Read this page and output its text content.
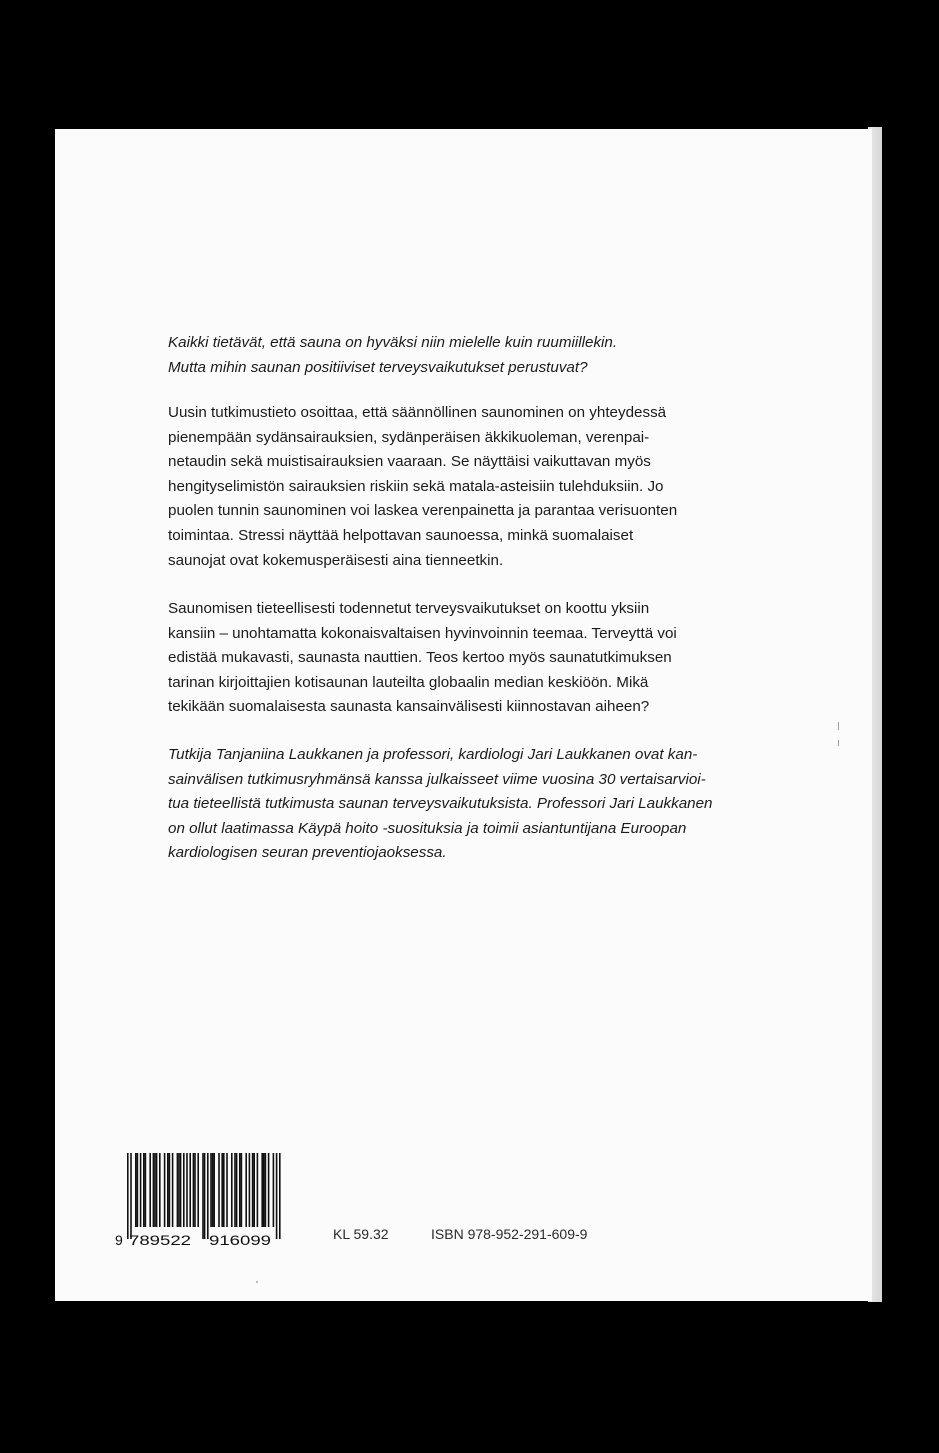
Kaikki tietävät, että sauna on hyväksi niin mielelle kuin ruumiillekin.
Mutta mihin saunan positiiviset terveysvaikutukset perustuvat?

Uusin tutkimustieto osoittaa, että säännöllinen saunominen on yhteydessä
pienempään sydänsairauksien, sydänperäisen äkkikuoleman, verenpai-
netaudin sekä muistisairauksien vaaraan. Se näyttäisi vaikuttavan myös
hengityselimistön sairauksien riskiin sekä matala-asteisiin tulehduksiin. Jo
puolen tunnin saunominen voi laskea verenpainetta ja parantaa verisuonten
toimintaa. Stressi näyttää helpottavan saunoessa, minkä suomalaiset
saunojat ovat kokemusperäisesti aina tienneetkin.

Saunomisen tieteellisesti todennetut terveysvaikutukset on koottu yksiin
kansiin – unohtamatta kokonaisvaltaisen hyvinvoinnin teemaa. Terveyttä voi
edistää mukavasti, saunasta nauttien. Teos kertoo myös saunatutkimuksen
tarinan kirjoittajien kotisaunan lauteilta globaalin median keskiöön. Mikä
tekikään suomalaisesta saunasta kansainvälisesti kiinnostavan aiheen?

Tutkija Tanjaniina Laukkanen ja professori, kardiologi Jari Laukkanen ovat kan-
sainvälisen tutkimusryhmänsä kanssa julkaisseet viime vuosina 30 vertaisarvioi-
tua tieteellistä tutkimusta saunan terveysvaikutuksista. Professori Jari Laukkanen
on ollut laatimassa Käypä hoito -suosituksia ja toimii asiantuntijana Euroopan
kardiologisen seuran preventiojaoksessa.

9 789522 916099	KL 59.32	ISBN 978-952-291-609-9
